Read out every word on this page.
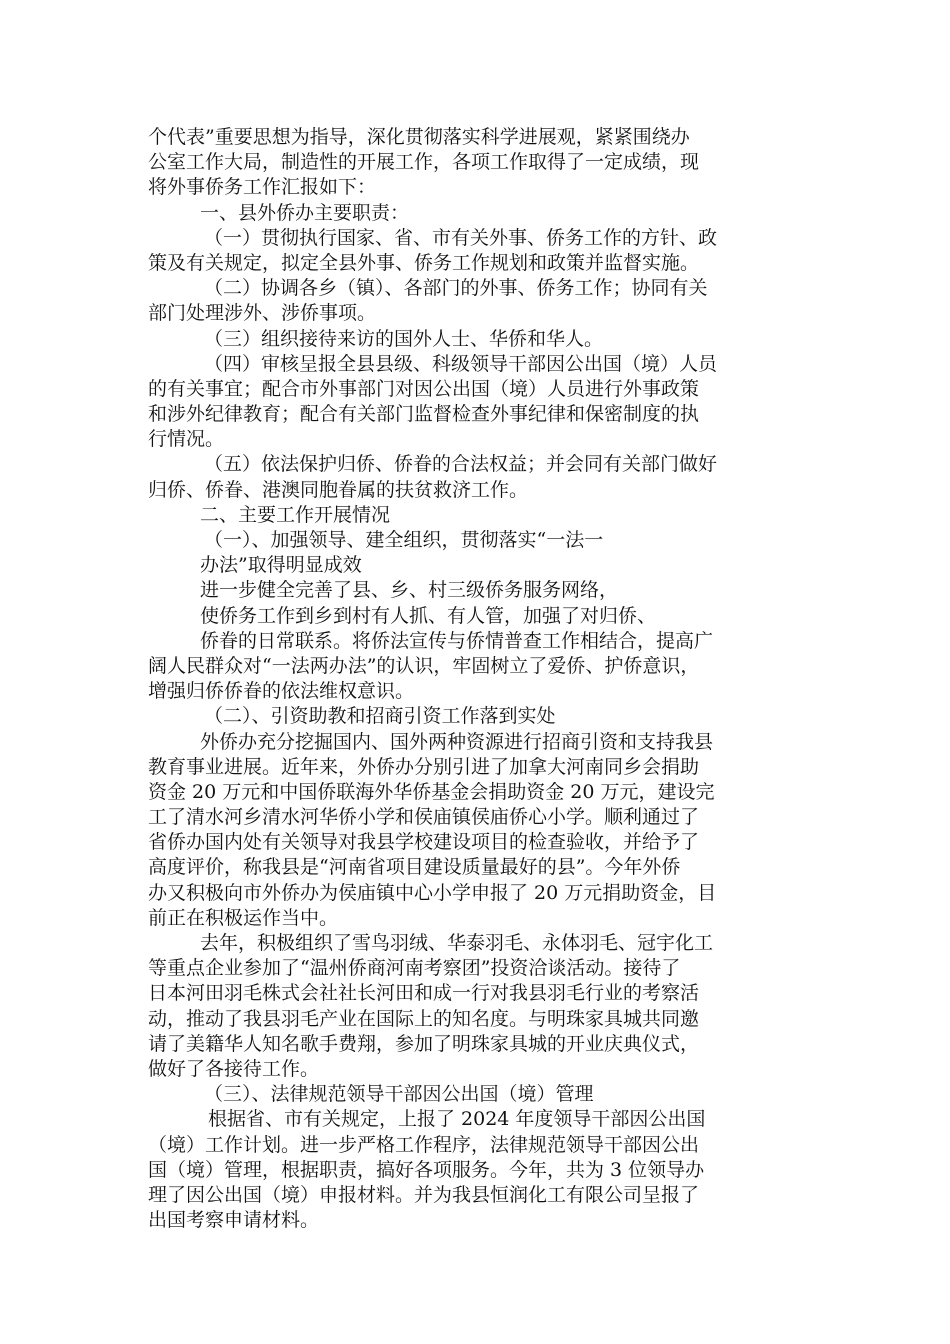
个代表”重要思想为指导，深化贯彻落实科学进展观，紧紧围绕办
公室工作大局，制造性的开展工作，各项工作取得了一定成绩，现
将外事侨务工作汇报如下：
一、县外侨办主要职责：
（一）贯彻执行国家、省、市有关外事、侨务工作的方针、政
策及有关规定，拟定全县外事、侨务工作规划和政策并监督实施。
（二）协调各乡（镇）、各部门的外事、侨务工作；协同有关
部门处理涉外、涉侨事项。
（三）组织接待来访的国外人士、华侨和华人。
（四）审核呈报全县县级、科级领导干部因公出国（境）人员
的有关事宜；配合市外事部门对因公出国（境）人员进行外事政策
和涉外纪律教育；配合有关部门监督检查外事纪律和保密制度的执
行情况。
（五）依法保护归侨、侨眷的合法权益；并会同有关部门做好
归侨、侨眷、港澳同胞眷属的扶贫救济工作。
二、主要工作开展情况
（一）、加强领导、建全组织，贯彻落实“一法一
办法”取得明显成效
进一步健全完善了县、乡、村三级侨务服务网络，
使侨务工作到乡到村有人抓、有人管，加强了对归侨、
侨眷的日常联系。将侨法宣传与侨情普查工作相结合，提高广
阔人民群众对“一法两办法”的认识，牢固树立了爱侨、护侨意识，
增强归侨侨眷的依法维权意识。
（二）、引资助教和招商引资工作落到实处
外侨办充分挖掘国内、国外两种资源进行招商引资和支持我县
教育事业进展。近年来，外侨办分别引进了加拿大河南同乡会捐助
资金 20 万元和中国侨联海外华侨基金会捐助资金 20 万元，建设完
工了清水河乡清水河华侨小学和侯庙镇侯庙侨心小学。顺利通过了
省侨办国内处有关领导对我县学校建设项目的检查验收，并给予了
高度评价，称我县是“河南省项目建设质量最好的县”。今年外侨
办又积极向市外侨办为侯庙镇中心小学申报了 20 万元捐助资金，目
前正在积极运作当中。
去年，积极组织了雪鸟羽绒、华泰羽毛、永体羽毛、冠宇化工
等重点企业参加了“温州侨商河南考察团”投资洽谈活动。接待了
日本河田羽毛株式会社社长河田和成一行对我县羽毛行业的考察活
动，推动了我县羽毛产业在国际上的知名度。与明珠家具城共同邀
请了美籍华人知名歌手费翔，参加了明珠家具城的开业庆典仪式，
做好了各接待工作。
（三）、法律规范领导干部因公出国（境）管理
根据省、市有关规定，上报了 2024 年度领导干部因公出国
（境）工作计划。进一步严格工作程序，法律规范领导干部因公出
国（境）管理，根据职责，搞好各项服务。今年，共为 3 位领导办
理了因公出国（境）申报材料。并为我县恒润化工有限公司呈报了
出国考察申请材料。
